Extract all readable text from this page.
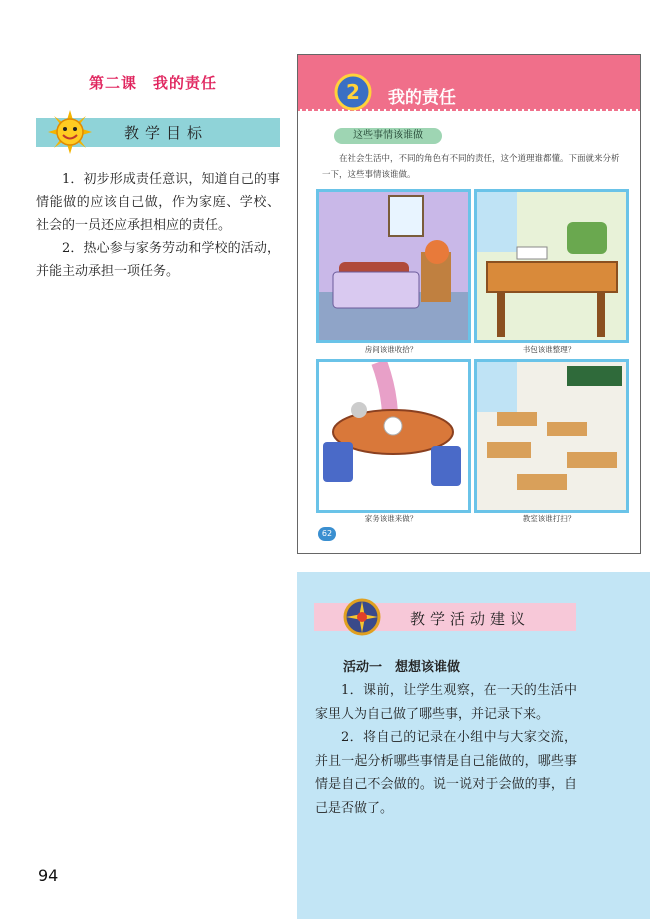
第二课　我的责任
教学目标

1．初步形成责任意识，知道自己的事情能做的应该自己做，作为家庭、学校、社会的一员还应承担相应的责任。

2．热心参与家务劳动和学校的活动，并能主动承担一项任务。

2 我的责任
这些事情该谁做
在社会生活中，不同的角色有不同的责任，这个道理谁都懂。下面就来分析一下，这些事情该谁做。
房间该谁收拾？	书包该谁整理？
家务该谁来做？	教室该谁打扫？
62
教学活动建议
活动一　想想该谁做

1．课前，让学生观察，在一天的生活中家里人为自己做了哪些事，并记录下来。

2．将自己的记录在小组中与大家交流，并且一起分析哪些事情是自己能做的，哪些事情是自己不会做的。说一说对于会做的事，自己是否做了。

94
